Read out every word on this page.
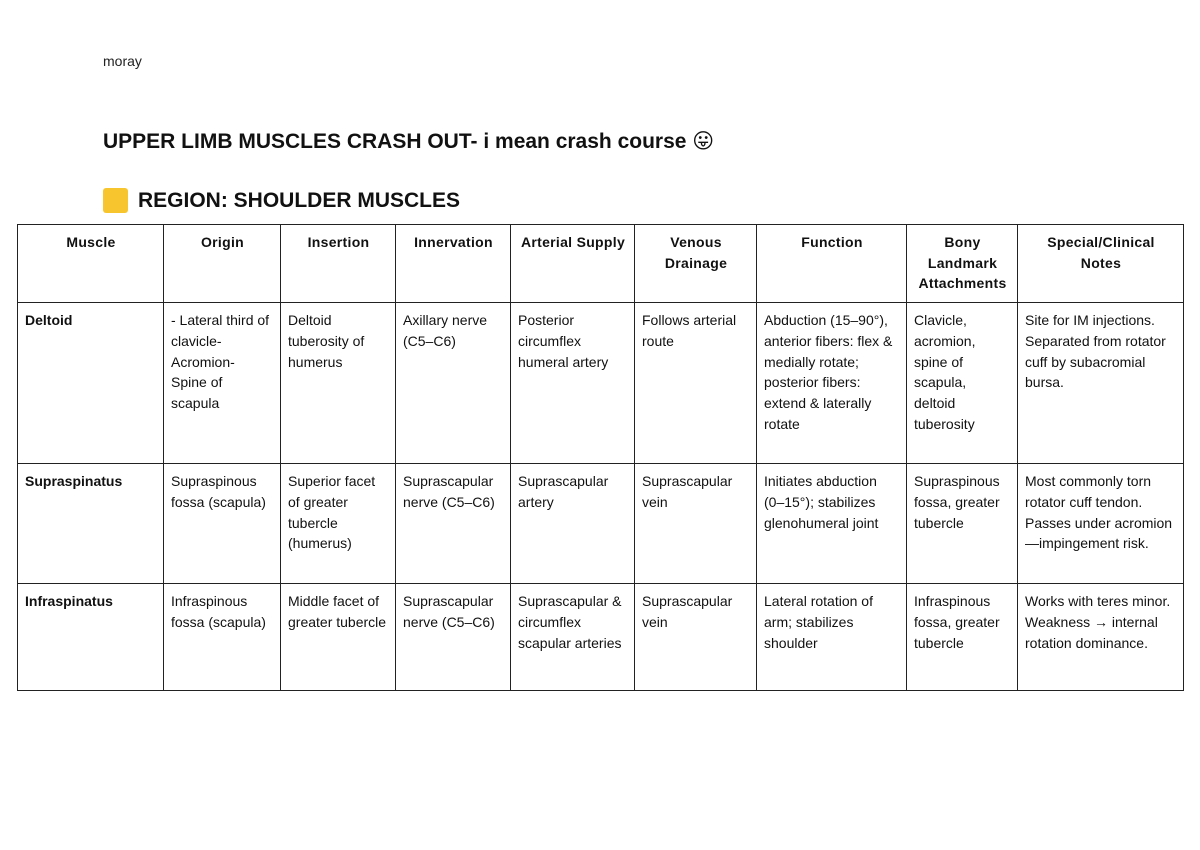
moray
UPPER LIMB MUSCLES CRASH OUT- i mean crash course 😛
REGION: SHOULDER MUSCLES
Muscle	Origin	Insertion	Innervation	Arterial Supply	Venous Drainage	Function	Bony Landmark Attachments	Special/Clinical Notes
Deltoid	- Lateral third of clavicle- Acromion- Spine of scapula	Deltoid tuberosity of humerus	Axillary nerve (C5–C6)	Posterior circumflex humeral artery	Follows arterial route	Abduction (15–90°), anterior fibers: flex & medially rotate; posterior fibers: extend & laterally rotate	Clavicle, acromion, spine of scapula, deltoid tuberosity	Site for IM injections. Separated from rotator cuff by subacromial bursa.
Supraspinatus	Supraspinous fossa (scapula)	Superior facet of greater tubercle (humerus)	Suprascapular nerve (C5–C6)	Suprascapular artery	Suprascapular vein	Initiates abduction (0–15°); stabilizes glenohumeral joint	Supraspinous fossa, greater tubercle	Most commonly torn rotator cuff tendon. Passes under acromion—impingement risk.
Infraspinatus	Infraspinous fossa (scapula)	Middle facet of greater tubercle	Suprascapular nerve (C5–C6)	Suprascapular & circumflex scapular arteries	Suprascapular vein	Lateral rotation of arm; stabilizes shoulder	Infraspinous fossa, greater tubercle	Works with teres minor. Weakness → internal rotation dominance.
